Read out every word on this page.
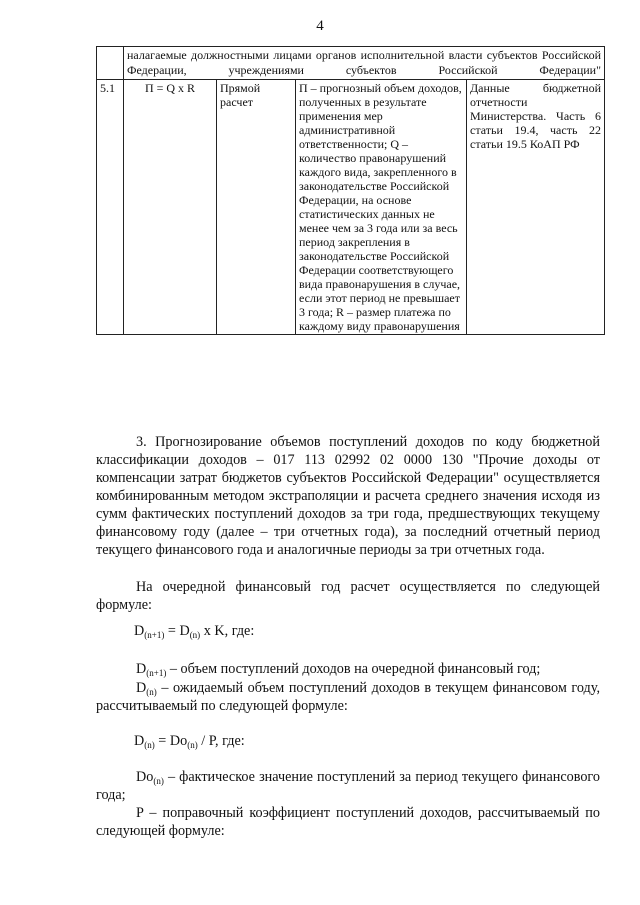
4
	налагаемые должностными лицами органов исполнительной власти субъектов Российской Федерации, учреждениями субъектов Российской Федерации"			
5.1	П = Q x R	Прямой расчет	П – прогнозный объем доходов, полученных в результате применения мер административной ответственности; Q – количество правонарушений каждого вида, закрепленного в законодательстве Российской Федерации, на основе статистических данных не менее чем за 3 года или за весь период закрепления в законодательстве Российской Федерации соответствующего вида правонарушения в случае, если этот период не превышает 3 года; R – размер платежа по каждому виду правонарушения	Данные бюджетной отчетности Министерства. Часть 6 статьи 19.4, часть 22 статьи 19.5 КоАП РФ

3. Прогнозирование объемов поступлений доходов по коду бюджетной классификации доходов – 017 113 02992 02 0000 130 "Прочие доходы от компенсации затрат бюджетов субъектов Российской Федерации" осуществляется комбинированным методом экстраполяции и расчета среднего значения исходя из сумм фактических поступлений доходов за три года, предшествующих текущему финансовому году (далее – три отчетных года), за последний отчетный период текущего финансового года и аналогичные периоды за три отчетных года.

На очередной финансовый год расчет осуществляется по следующей формуле:

$D_{(n+1)} = D_{(n)}$ x K, где:

$D_{(n+1)}$ – объем поступлений доходов на очередной финансовый год;

$D_{(n)}$ – ожидаемый объем поступлений доходов в текущем финансовом году, рассчитываемый по следующей формуле:

$D_{(n)} = Do_{(n)} / P$, где:

$Do_{(n)}$ – фактическое значение поступлений за период текущего финансового года;

P – поправочный коэффициент поступлений доходов, рассчитываемый по следующей формуле:
